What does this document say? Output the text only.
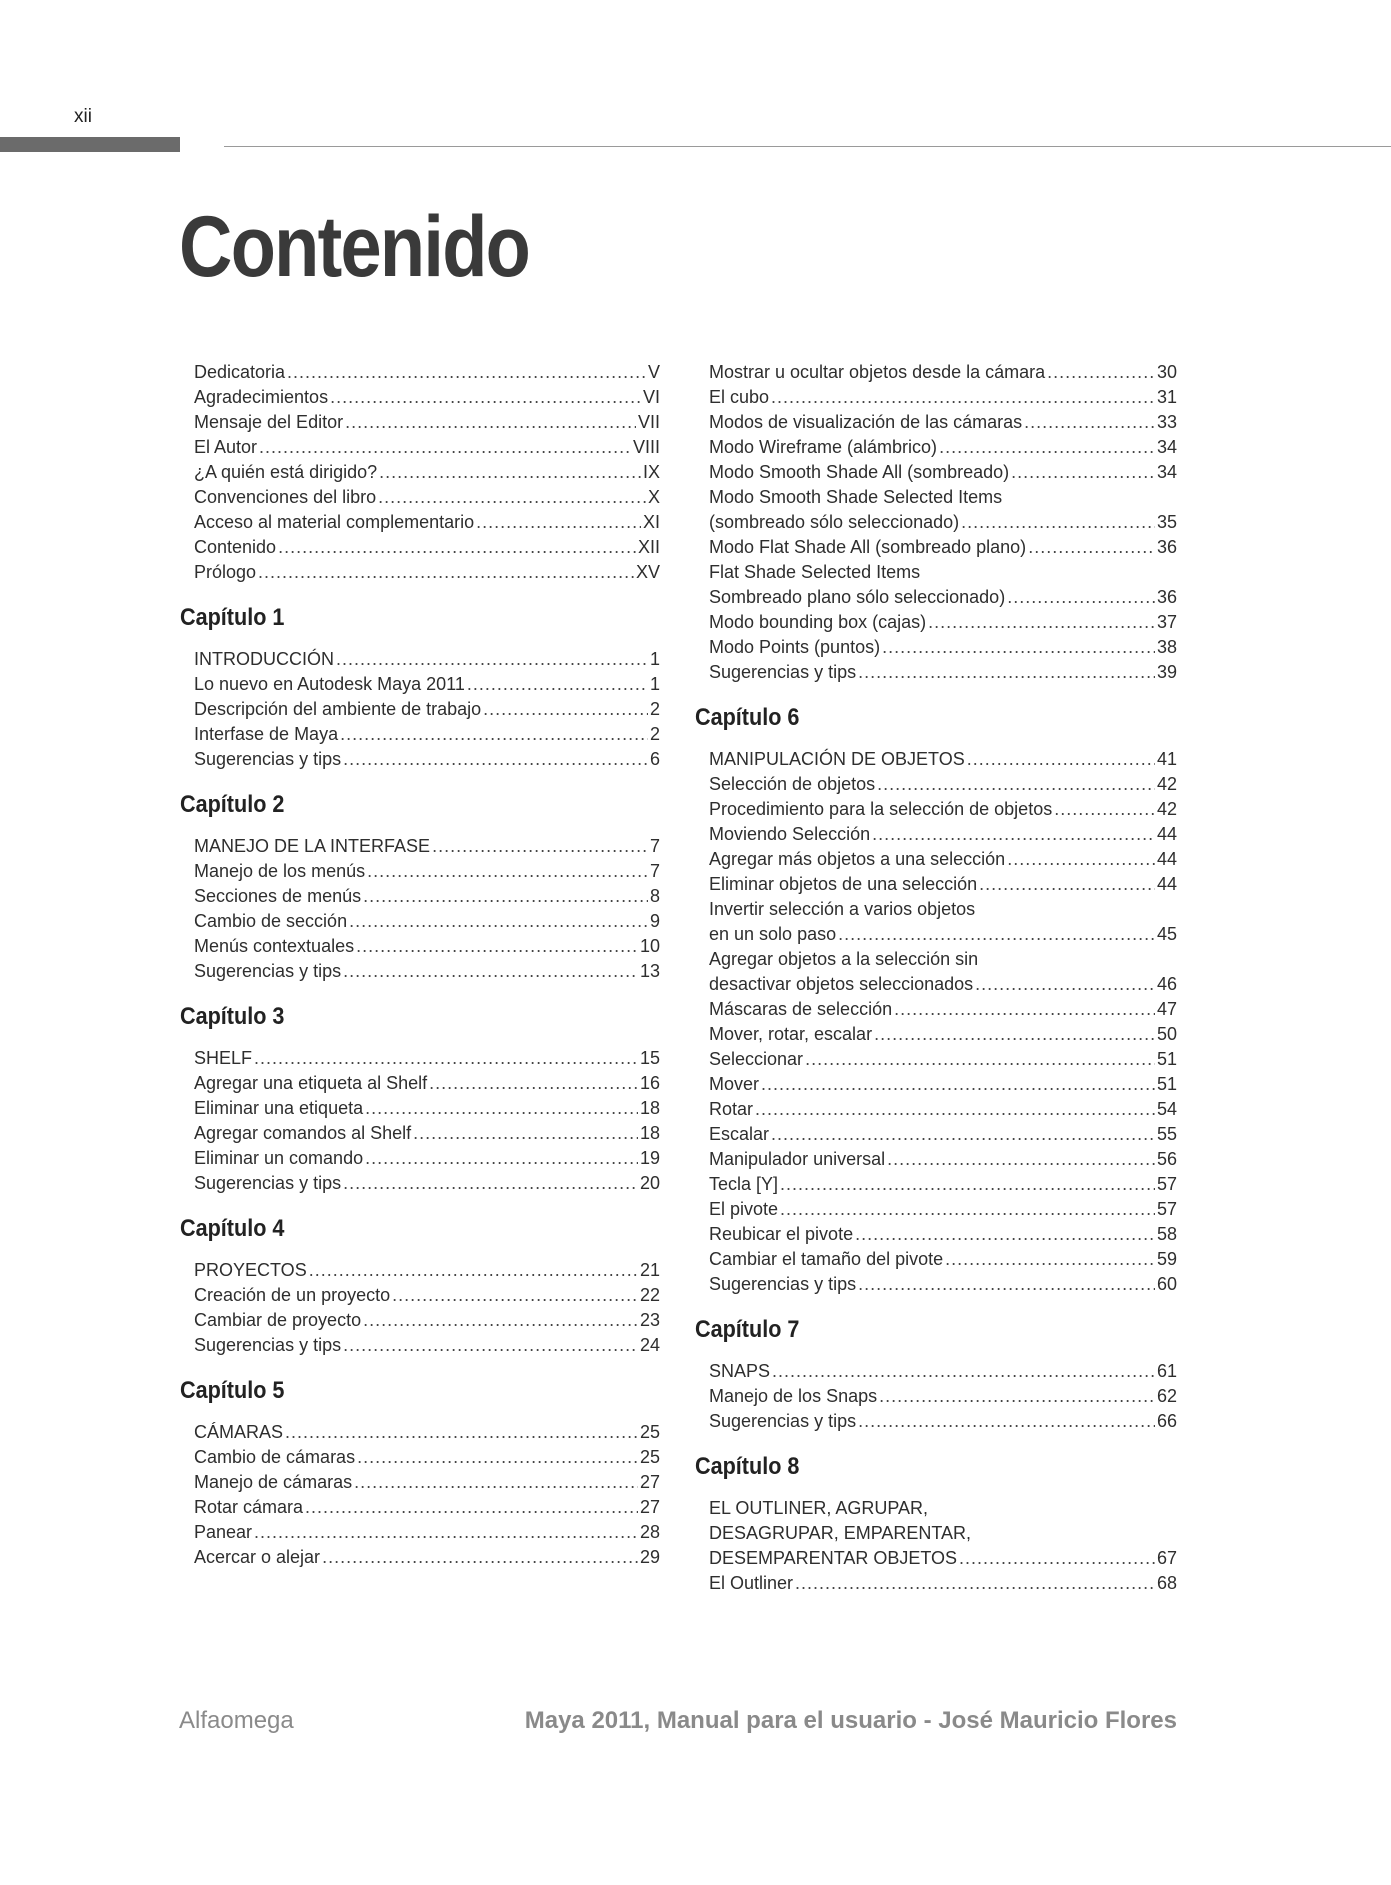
xii
Contenido
Dedicatoria .....	V
Agradecimientos .....	VI
Mensaje del Editor .....	VII
El Autor .....	VIII
¿A quién está dirigido? .....	IX
Convenciones del libro .....	X
Acceso al material complementario .....	XI
Contenido .....	XII
Prólogo .....	XV
Capítulo 1
INTRODUCCIÓN .....	1
Lo nuevo en Autodesk Maya 2011 .....	1
Descripción del ambiente de trabajo .....	2
Interfase de Maya .....	2
Sugerencias y tips .....	6
Capítulo 2
MANEJO DE LA INTERFASE .....	7
Manejo de los menús .....	7
Secciones de menús .....	8
Cambio de sección .....	9
Menús contextuales .....	10
Sugerencias y tips .....	13
Capítulo 3
SHELF .....	15
Agregar una etiqueta al Shelf .....	16
Eliminar una etiqueta .....	18
Agregar comandos al Shelf .....	18
Eliminar un comando .....	19
Sugerencias y tips .....	20
Capítulo 4
PROYECTOS .....	21
Creación de un proyecto .....	22
Cambiar de proyecto .....	23
Sugerencias y tips .....	24
Capítulo 5
CÁMARAS .....	25
Cambio de cámaras .....	25
Manejo de cámaras .....	27
Rotar cámara .....	27
Panear .....	28
Acercar o alejar .....	29
Mostrar u ocultar objetos desde la cámara .....	30
El cubo .....	31
Modos de visualización de las cámaras .....	33
Modo Wireframe (alámbrico) .....	34
Modo Smooth Shade All (sombreado) .....	34
Modo Smooth Shade Selected Items
(sombreado sólo seleccionado) .....	35
Modo Flat Shade All (sombreado plano) .....	36
Flat Shade Selected Items
Sombreado plano sólo seleccionado) .....	36
Modo bounding box (cajas) .....	37
Modo Points (puntos) .....	38
Sugerencias y tips .....	39
Capítulo 6
MANIPULACIÓN DE OBJETOS .....	41
Selección de objetos .....	42
Procedimiento para la selección de objetos .....	42
Moviendo Selección .....	44
Agregar más objetos a una selección .....	44
Eliminar objetos de una selección .....	44
Invertir selección a varios objetos
en un solo paso .....	45
Agregar objetos a la selección sin
desactivar objetos seleccionados .....	46
Máscaras de selección .....	47
Mover, rotar, escalar .....	50
Seleccionar .....	51
Mover .....	51
Rotar .....	54
Escalar .....	55
Manipulador universal .....	56
Tecla [Y] .....	57
El pivote .....	57
Reubicar el pivote .....	58
Cambiar el tamaño del pivote .....	59
Sugerencias y tips .....	60
Capítulo 7
SNAPS .....	61
Manejo de los Snaps .....	62
Sugerencias y tips .....	66
Capítulo 8
EL OUTLINER, AGRUPAR,
DESAGRUPAR, EMPARENTAR,
DESEMPARENTAR OBJETOS .....	67
El Outliner .....	68
Alfaomega	Maya 2011, Manual para el usuario - José Mauricio Flores
